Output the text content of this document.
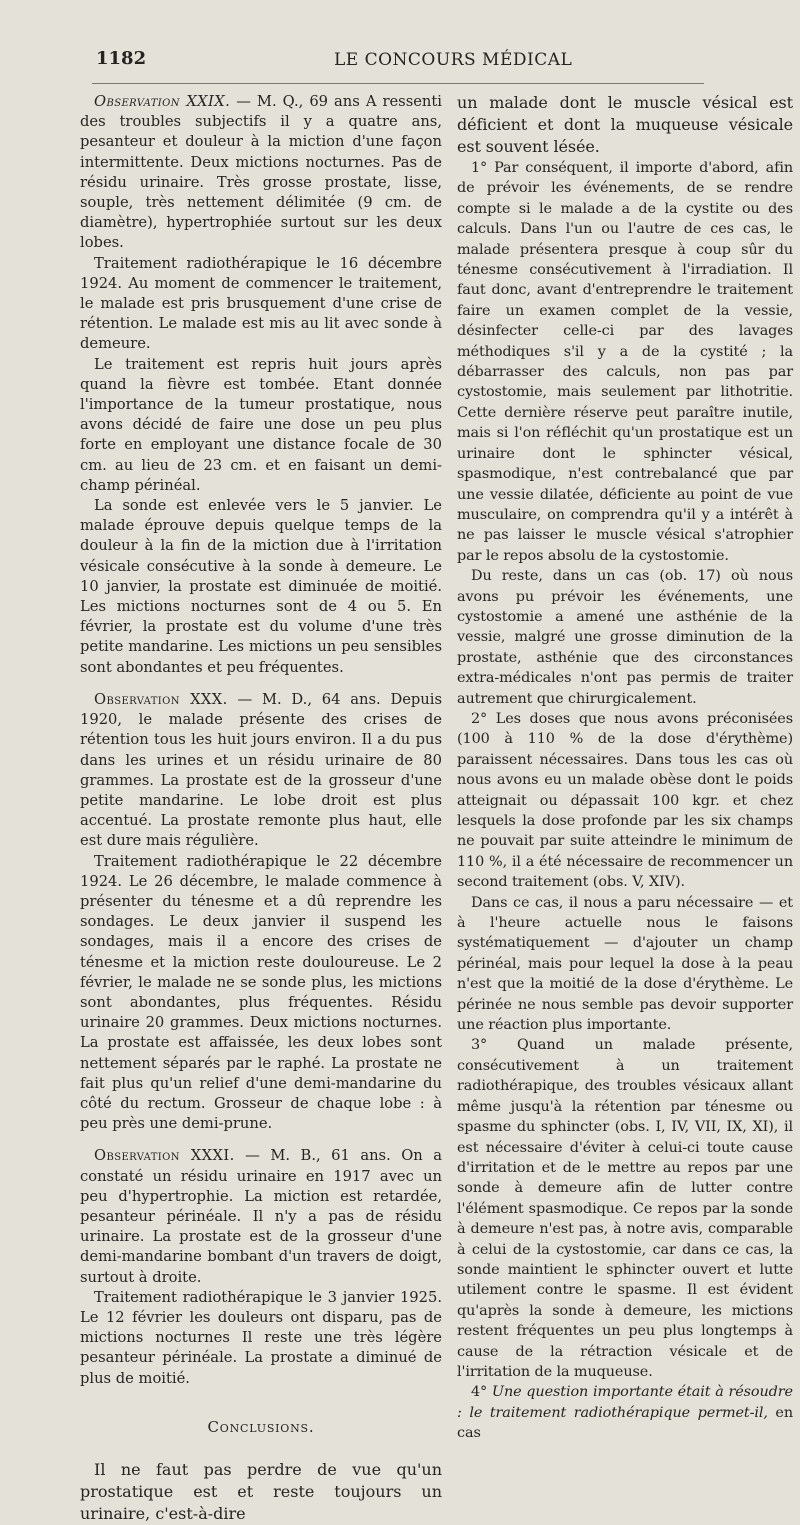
1182	LE CONCOURS MÉDICAL

Observation XXIX. — M. Q., 69 ans A ressenti des troubles subjectifs il y a quatre ans, pesanteur et douleur à la miction d'une façon intermittente. Deux mictions nocturnes. Pas de résidu urinaire. Très grosse prostate, lisse, souple, très nettement délimitée (9 cm. de diamètre), hypertrophiée surtout sur les deux lobes.

Traitement radiothérapique le 16 décembre 1924. Au moment de commencer le traitement, le malade est pris brusquement d'une crise de rétention. Le malade est mis au lit avec sonde à demeure.

Le traitement est repris huit jours après quand la fièvre est tombée. Etant donnée l'importance de la tumeur prostatique, nous avons décidé de faire une dose un peu plus forte en employant une distance focale de 30 cm. au lieu de 23 cm. et en faisant un demi-champ périnéal.

La sonde est enlevée vers le 5 janvier. Le malade éprouve depuis quelque temps de la douleur à la fin de la miction due à l'irritation vésicale consécutive à la sonde à demeure. Le 10 janvier, la prostate est diminuée de moitié. Les mictions nocturnes sont de 4 ou 5. En février, la prostate est du volume d'une très petite mandarine. Les mictions un peu sensibles sont abondantes et peu fréquentes.

Observation XXX. — M. D., 64 ans. Depuis 1920, le malade présente des crises de rétention tous les huit jours environ. Il a du pus dans les urines et un résidu urinaire de 80 grammes. La prostate est de la grosseur d'une petite mandarine. Le lobe droit est plus accentué. La prostate remonte plus haut, elle est dure mais régulière.

Traitement radiothérapique le 22 décembre 1924. Le 26 décembre, le malade commence à présenter du ténesme et a dû reprendre les sondages. Le deux janvier il suspend les sondages, mais il a encore des crises de ténesme et la miction reste douloureuse. Le 2 février, le malade ne se sonde plus, les mictions sont abondantes, plus fréquentes. Résidu urinaire 20 grammes. Deux mictions nocturnes. La prostate est affaissée, les deux lobes sont nettement séparés par le raphé. La prostate ne fait plus qu'un relief d'une demi-mandarine du côté du rectum. Grosseur de chaque lobe : à peu près une demi-prune.

Observation XXXI. — M. B., 61 ans. On a constaté un résidu urinaire en 1917 avec un peu d'hypertrophie. La miction est retardée, pesanteur périnéale. Il n'y a pas de résidu urinaire. La prostate est de la grosseur d'une demi-mandarine bombant d'un travers de doigt, surtout à droite.

Traitement radiothérapique le 3 janvier 1925. Le 12 février les douleurs ont disparu, pas de mictions nocturnes Il reste une très légère pesanteur périnéale. La prostate a diminué de plus de moitié.

Conclusions.

Il ne faut pas perdre de vue qu'un prostatique est et reste toujours un urinaire, c'est-à-dire

un malade dont le muscle vésical est déficient et dont la muqueuse vésicale est souvent lésée.

1° Par conséquent, il importe d'abord, afin de prévoir les événements, de se rendre compte si le malade a de la cystite ou des calculs. Dans l'un ou l'autre de ces cas, le malade présentera presque à coup sûr du ténesme consécutivement à l'irradiation. Il faut donc, avant d'entreprendre le traitement faire un examen complet de la vessie, désinfecter celle-ci par des lavages méthodiques s'il y a de la cystité ; la débarrasser des calculs, non pas par cystostomie, mais seulement par lithotritie. Cette dernière réserve peut paraître inutile, mais si l'on réfléchit qu'un prostatique est un urinaire dont le sphincter vésical, spasmodique, n'est contrebalancé que par une vessie dilatée, déficiente au point de vue musculaire, on comprendra qu'il y a intérêt à ne pas laisser le muscle vésical s'atrophier par le repos absolu de la cystostomie.

Du reste, dans un cas (ob. 17) où nous avons pu prévoir les événements, une cystostomie a amené une asthénie de la vessie, malgré une grosse diminution de la prostate, asthénie que des circonstances extra-médicales n'ont pas permis de traiter autrement que chirurgicalement.

2° Les doses que nous avons préconisées (100 à 110 % de la dose d'érythème) paraissent nécessaires. Dans tous les cas où nous avons eu un malade obèse dont le poids atteignait ou dépassait 100 kgr. et chez lesquels la dose profonde par les six champs ne pouvait par suite atteindre le minimum de 110 %, il a été nécessaire de recommencer un second traitement (obs. V, XIV).

Dans ce cas, il nous a paru nécessaire — et à l'heure actuelle nous le faisons systématiquement — d'ajouter un champ périnéal, mais pour lequel la dose à la peau n'est que la moitié de la dose d'érythème. Le périnée ne nous semble pas devoir supporter une réaction plus importante.

3° Quand un malade présente, consécutivement à un traitement radiothérapique, des troubles vésicaux allant même jusqu'à la rétention par ténesme ou spasme du sphincter (obs. I, IV, VII, IX, XI), il est nécessaire d'éviter à celui-ci toute cause d'irritation et de le mettre au repos par une sonde à demeure afin de lutter contre l'élément spasmodique. Ce repos par la sonde à demeure n'est pas, à notre avis, comparable à celui de la cystostomie, car dans ce cas, la sonde maintient le sphincter ouvert et lutte utilement contre le spasme. Il est évident qu'après la sonde à demeure, les mictions restent fréquentes un peu plus longtemps à cause de la rétraction vésicale et de l'irritation de la muqueuse.

4° Une question importante était à résoudre : le traitement radiothérapique permet-il, en cas
